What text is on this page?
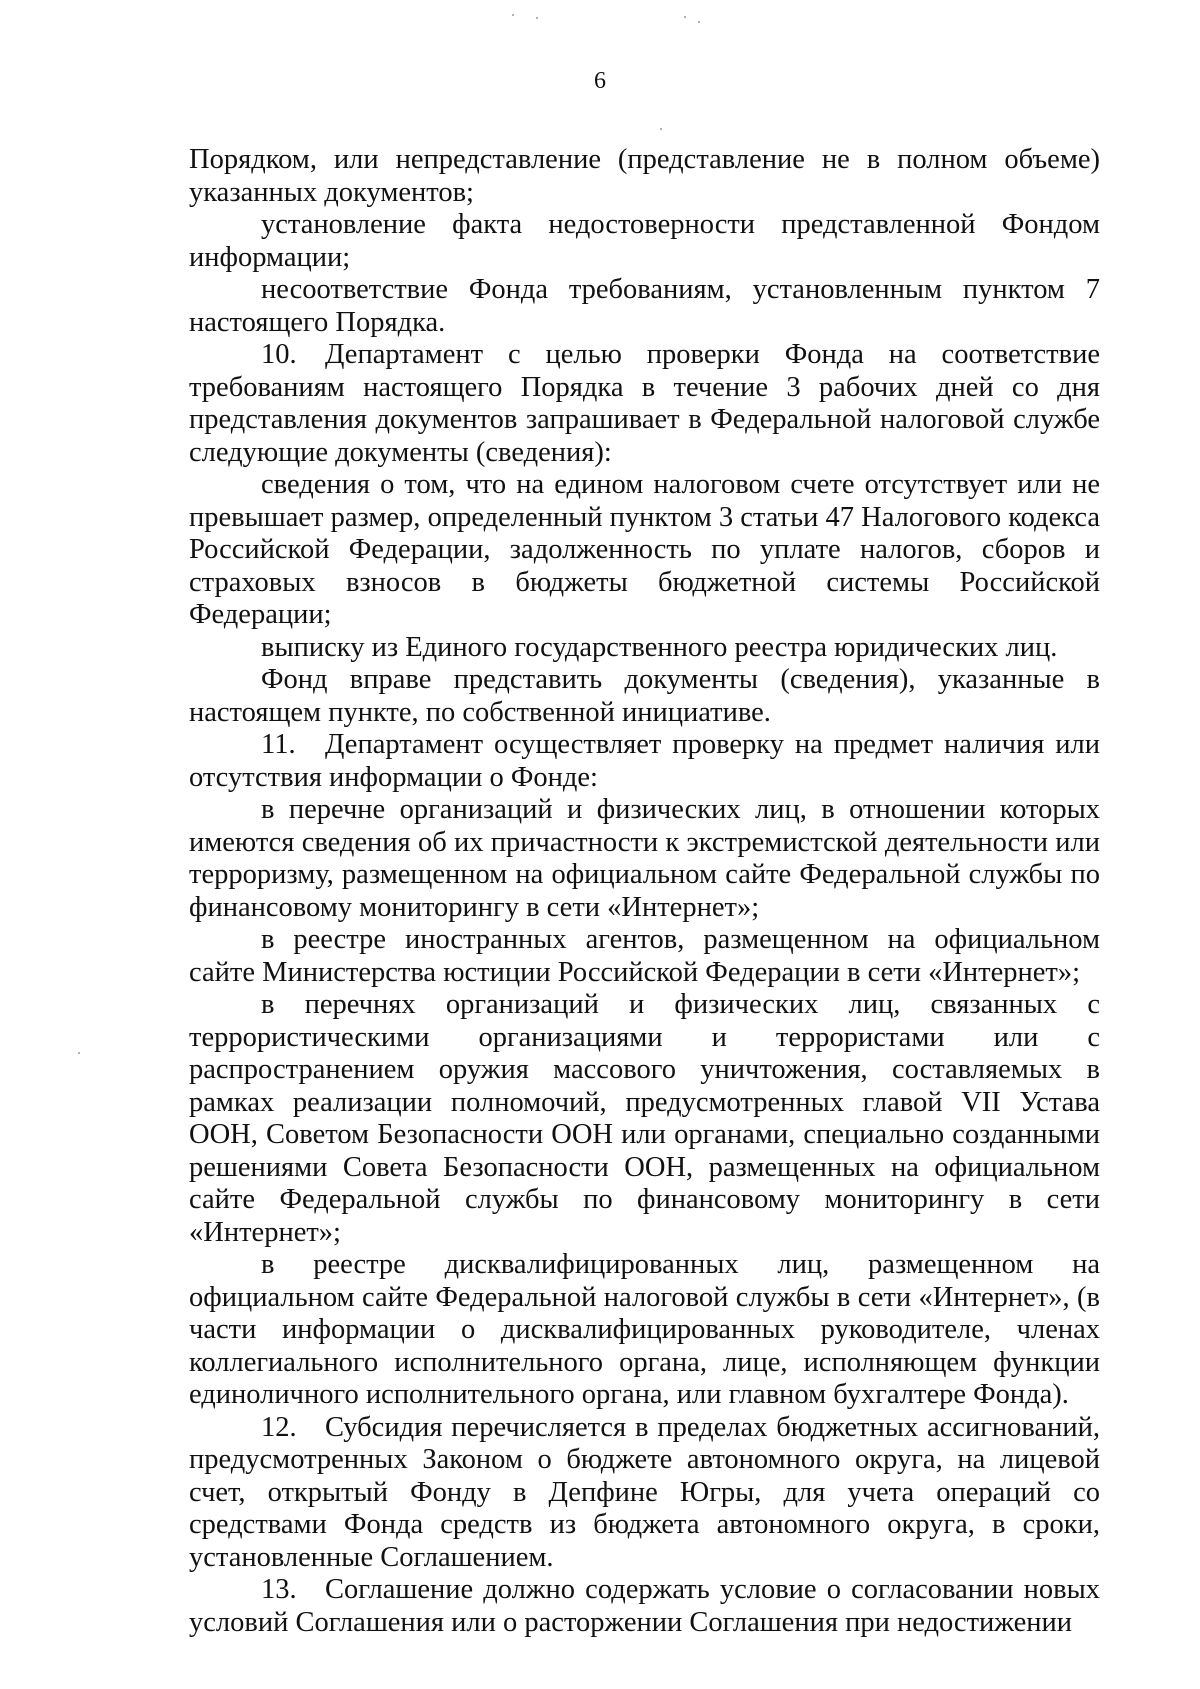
6

Порядком, или непредставление (представление не в полном объеме) указанных документов;

установление факта недостоверности представленной Фондом информации;

несоответствие Фонда требованиям, установленным пунктом 7 настоящего Порядка.

10. Департамент с целью проверки Фонда на соответствие требованиям настоящего Порядка в течение 3 рабочих дней со дня представления документов запрашивает в Федеральной налоговой службе следующие документы (сведения):

сведения о том, что на едином налоговом счете отсутствует или не превышает размер, определенный пунктом 3 статьи 47 Налогового кодекса Российской Федерации, задолженность по уплате налогов, сборов и страховых взносов в бюджеты бюджетной системы Российской Федерации;

выписку из Единого государственного реестра юридических лиц.

Фонд вправе представить документы (сведения), указанные в настоящем пункте, по собственной инициативе.

11. Департамент осуществляет проверку на предмет наличия или отсутствия информации о Фонде:

в перечне организаций и физических лиц, в отношении которых имеются сведения об их причастности к экстремистской деятельности или терроризму, размещенном на официальном сайте Федеральной службы по финансовому мониторингу в сети «Интернет»;

в реестре иностранных агентов, размещенном на официальном сайте Министерства юстиции Российской Федерации в сети «Интернет»;

в перечнях организаций и физических лиц, связанных с террористическими организациями и террористами или с распространением оружия массового уничтожения, составляемых в рамках реализации полномочий, предусмотренных главой VII Устава ООН, Советом Безопасности ООН или органами, специально созданными решениями Совета Безопасности ООН, размещенных на официальном сайте Федеральной службы по финансовому мониторингу в сети «Интернет»;

в реестре дисквалифицированных лиц, размещенном на официальном сайте Федеральной налоговой службы в сети «Интернет», (в части информации о дисквалифицированных руководителе, членах коллегиального исполнительного органа, лице, исполняющем функции единоличного исполнительного органа, или главном бухгалтере Фонда).

12. Субсидия перечисляется в пределах бюджетных ассигнований, предусмотренных Законом о бюджете автономного округа, на лицевой счет, открытый Фонду в Депфине Югры, для учета операций со средствами Фонда средств из бюджета автономного округа, в сроки, установленные Соглашением.

13. Соглашение должно содержать условие о согласовании новых условий Соглашения или о расторжении Соглашения при недостижении
